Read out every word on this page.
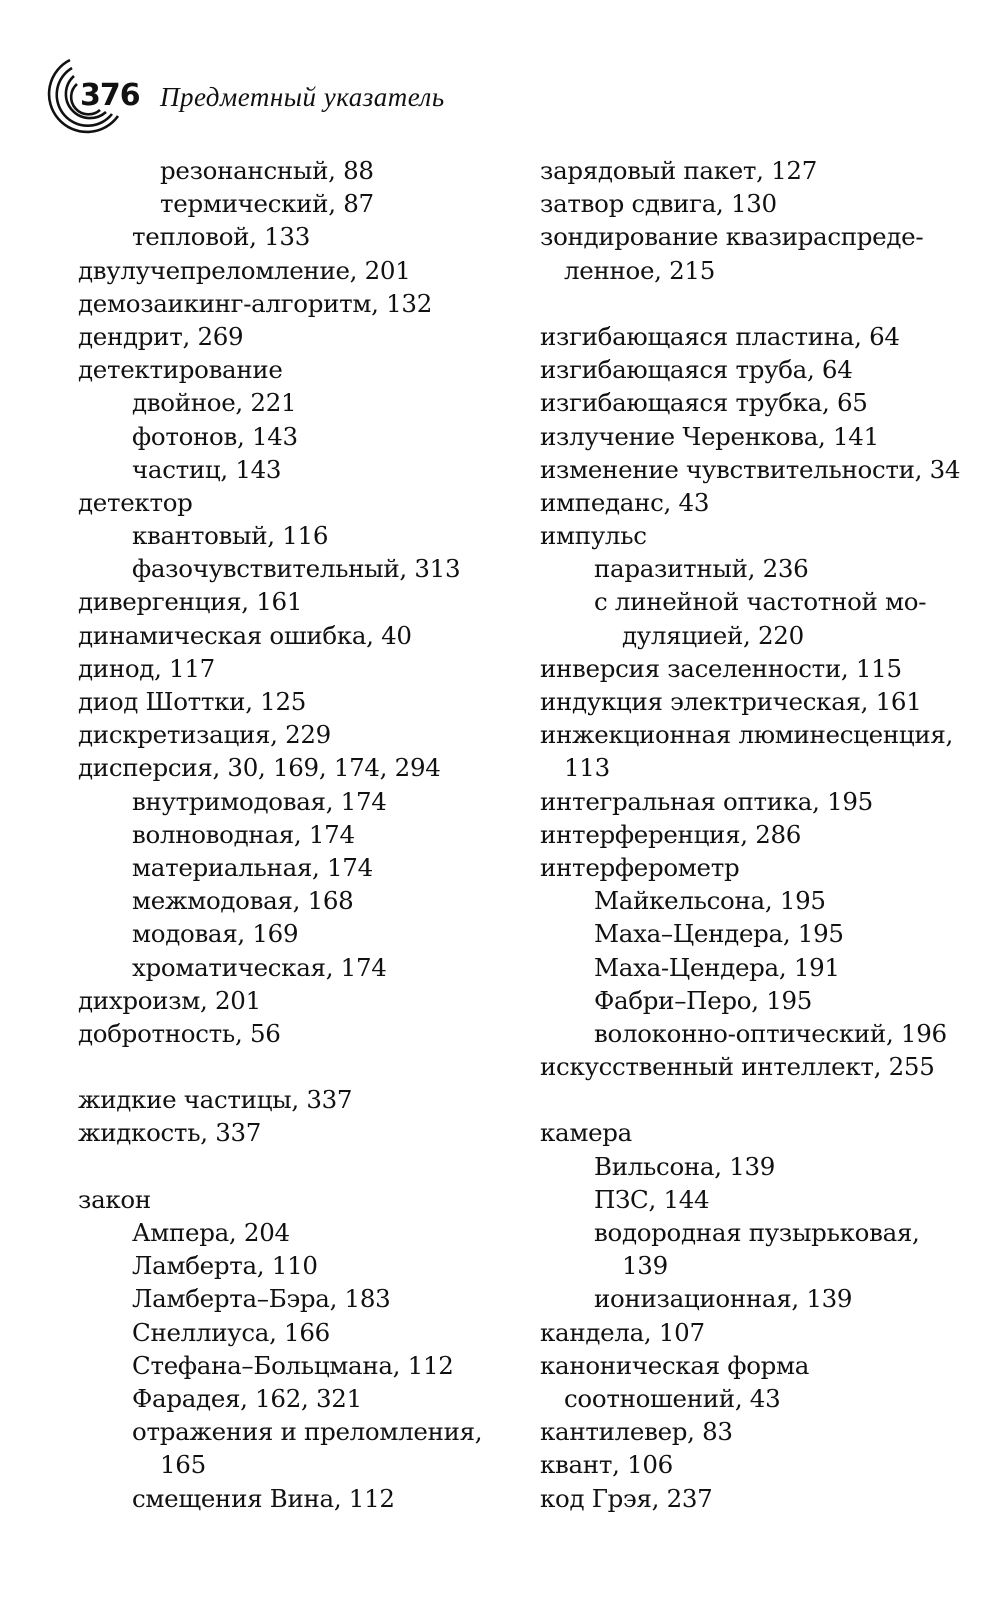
376 Предметный указатель
резонансный, 88
термический, 87
тепловой, 133
двулучепреломление, 201
демозаикинг-алгоритм, 132
дендрит, 269
детектирование
двойное, 221
фотонов, 143
частиц, 143
детектор
квантовый, 116
фазочувствительный, 313
дивергенция, 161
динамическая ошибка, 40
динод, 117
диод Шоттки, 125
дискретизация, 229
дисперсия, 30, 169, 174, 294
внутримодовая, 174
волноводная, 174
материальная, 174
межмодовая, 168
модовая, 169
хроматическая, 174
дихроизм, 201
добротность, 56
жидкие частицы, 337
жидкость, 337
закон
Ампера, 204
Ламберта, 110
Ламберта–Бэра, 183
Снеллиуса, 166
Стефана–Больцмана, 112
Фарадея, 162, 321
отражения и преломления,
165
смещения Вина, 112
зарядовый пакет, 127
затвор сдвига, 130
зондирование квазираспреде-
ленное, 215
изгибающаяся пластина, 64
изгибающаяся труба, 64
изгибающаяся трубка, 65
излучение Черенкова, 141
изменение чувствительности, 34
импеданс, 43
импульс
паразитный, 236
с линейной частотной мо-
дуляцией, 220
инверсия заселенности, 115
индукция электрическая, 161
инжекционная люминесценция,
113
интегральная оптика, 195
интерференция, 286
интерферометр
Майкельсона, 195
Маха–Цендера, 195
Маха-Цендера, 191
Фабри–Перо, 195
волоконно-оптический, 196
искусственный интеллект, 255
камера
Вильсона, 139
ПЗС, 144
водородная пузырьковая,
139
ионизационная, 139
кандела, 107
каноническая форма
соотношений, 43
кантилевер, 83
квант, 106
код Грэя, 237
